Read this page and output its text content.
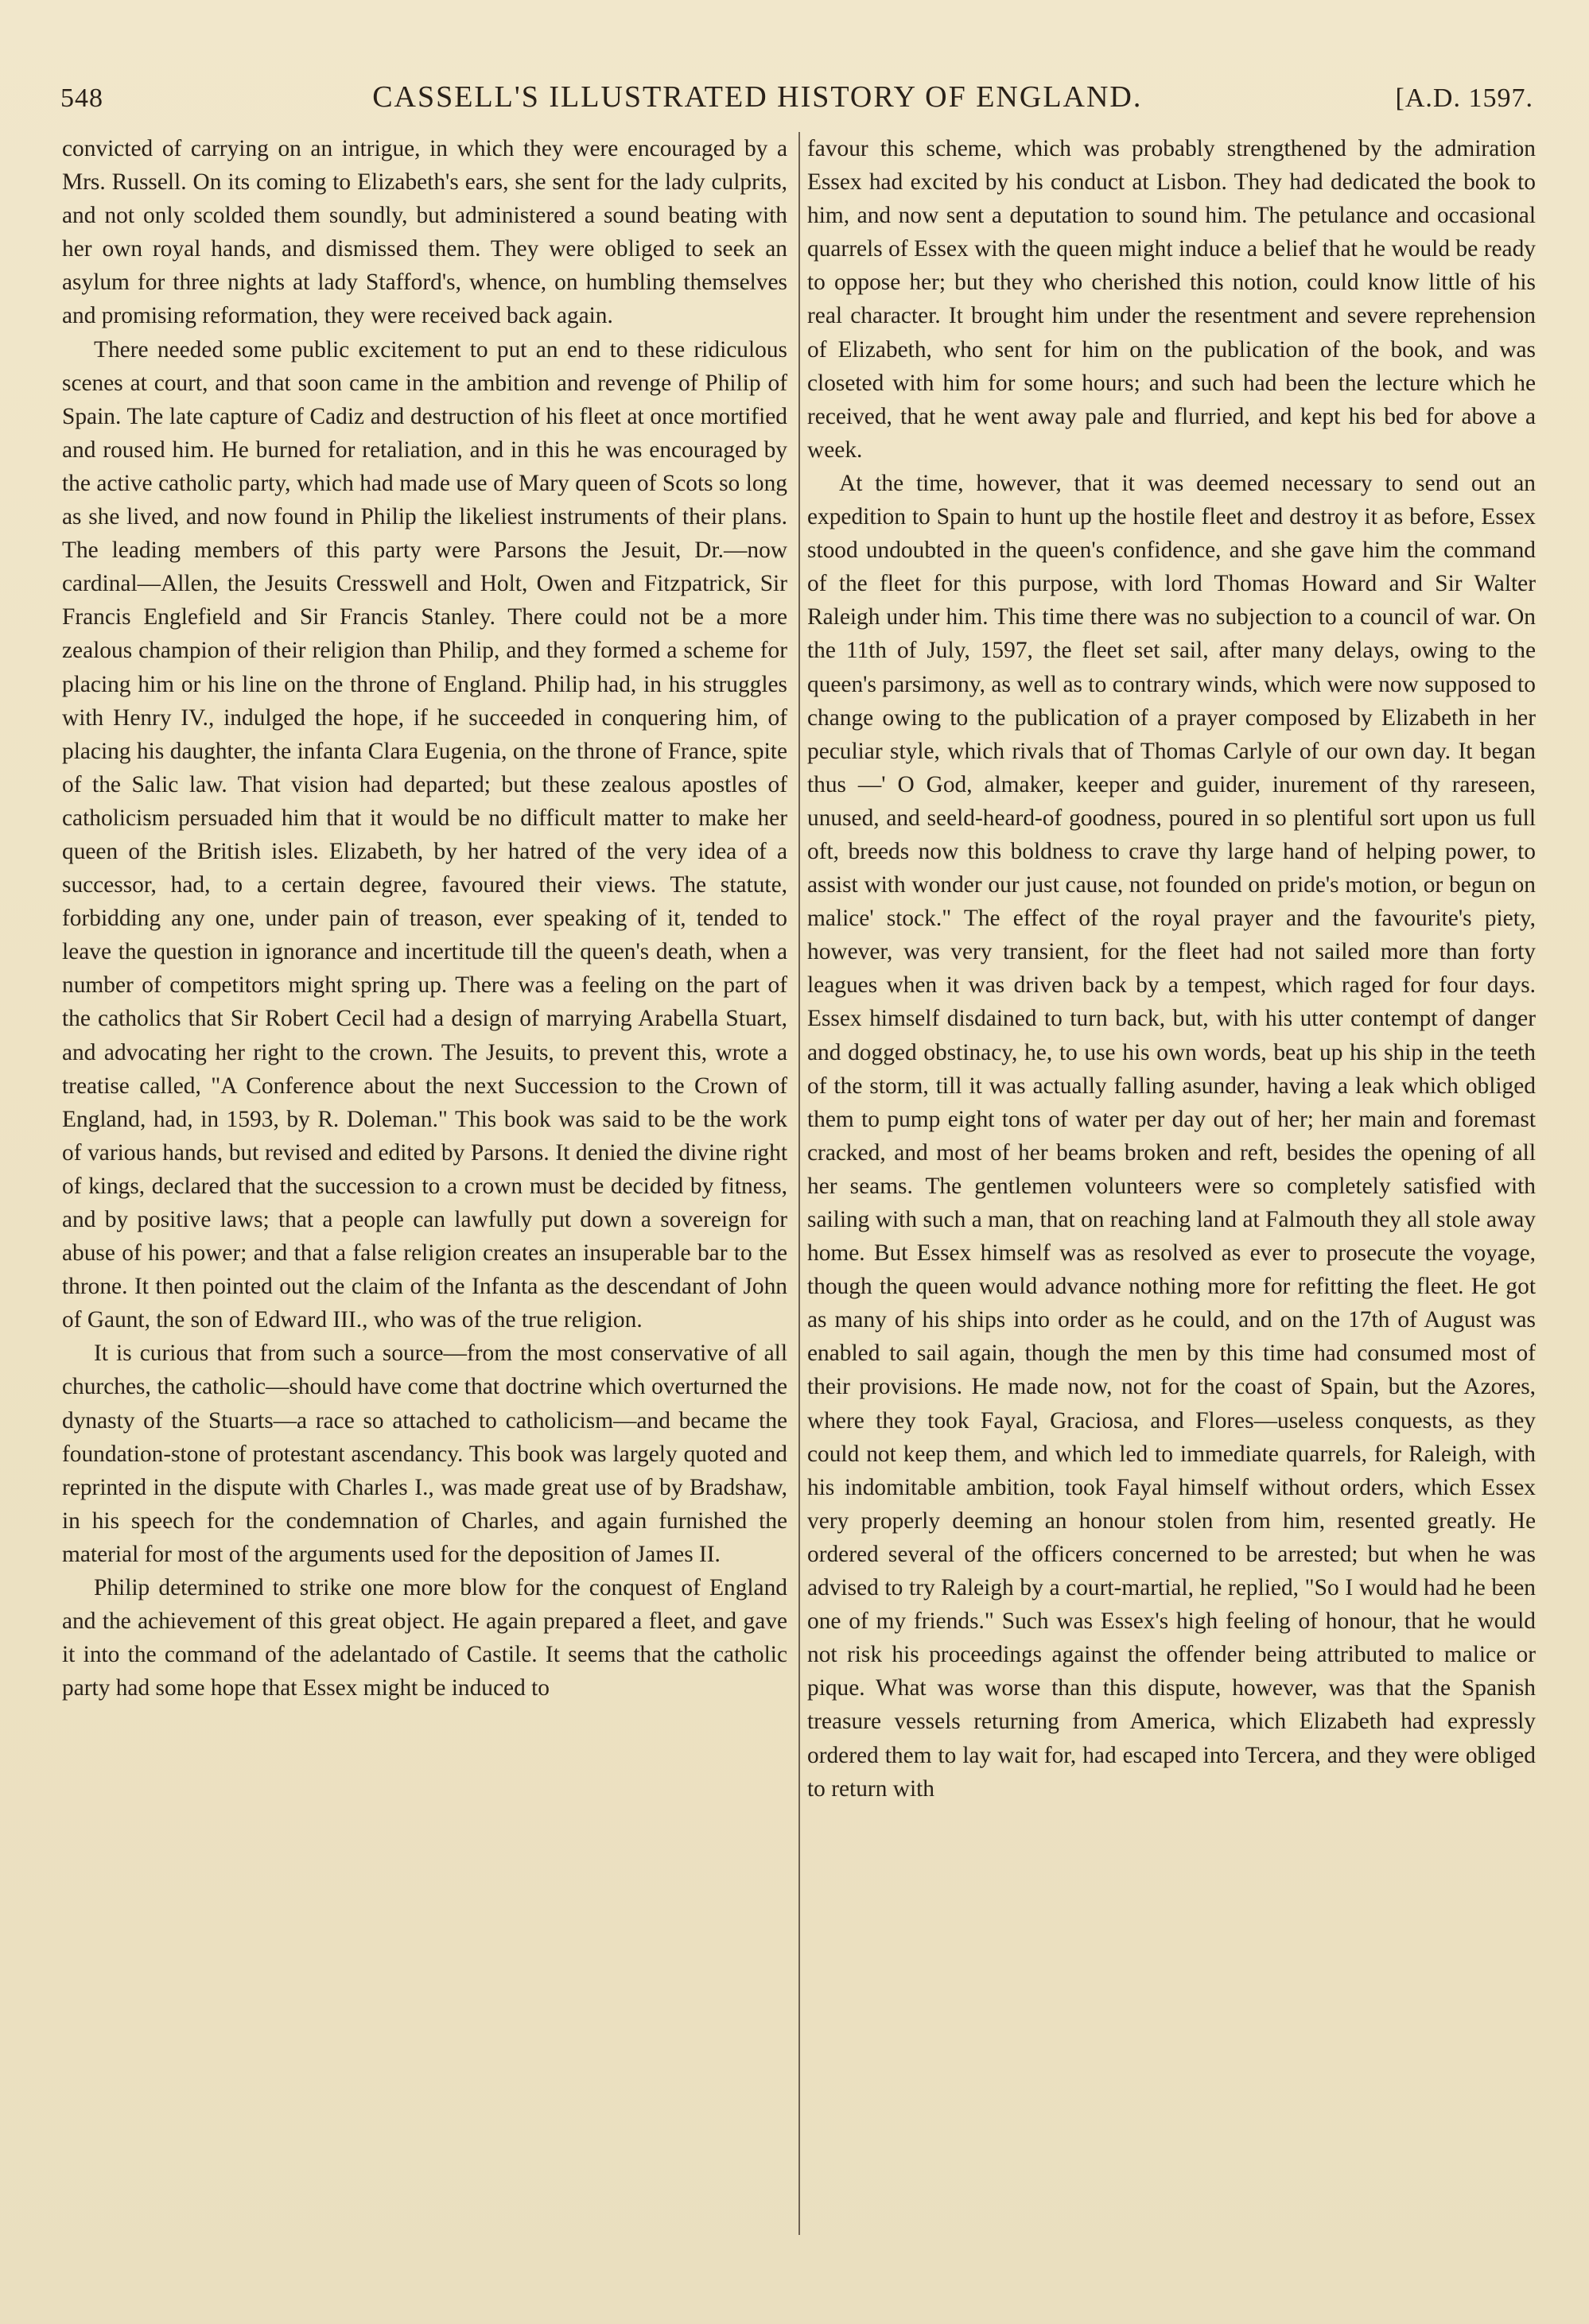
548	CASSELL'S ILLUSTRATED HISTORY OF ENGLAND.	[A.D. 1597.

convicted of carrying on an intrigue, in which they were encouraged by a Mrs. Russell. On its coming to Elizabeth's ears, she sent for the lady culprits, and not only scolded them soundly, but administered a sound beating with her own royal hands, and dismissed them. They were obliged to seek an asylum for three nights at lady Stafford's, whence, on humbling themselves and promising reformation, they were received back again.

There needed some public excitement to put an end to these ridiculous scenes at court, and that soon came in the ambition and revenge of Philip of Spain. The late capture of Cadiz and destruction of his fleet at once mortified and roused him. He burned for retaliation, and in this he was encouraged by the active catholic party, which had made use of Mary queen of Scots so long as she lived, and now found in Philip the likeliest instruments of their plans. The leading members of this party were Parsons the Jesuit, Dr.—now cardinal—Allen, the Jesuits Cresswell and Holt, Owen and Fitzpatrick, Sir Francis Englefield and Sir Francis Stanley. There could not be a more zealous champion of their religion than Philip, and they formed a scheme for placing him or his line on the throne of England. Philip had, in his struggles with Henry IV., indulged the hope, if he succeeded in conquering him, of placing his daughter, the infanta Clara Eugenia, on the throne of France, spite of the Salic law. That vision had departed; but these zealous apostles of catholicism persuaded him that it would be no difficult matter to make her queen of the British isles. Elizabeth, by her hatred of the very idea of a successor, had, to a certain degree, favoured their views. The statute, forbidding any one, under pain of treason, ever speaking of it, tended to leave the question in ignorance and incertitude till the queen's death, when a number of competitors might spring up. There was a feeling on the part of the catholics that Sir Robert Cecil had a design of marrying Arabella Stuart, and advocating her right to the crown. The Jesuits, to prevent this, wrote a treatise called, "A Conference about the next Succession to the Crown of England, had, in 1593, by R. Doleman." This book was said to be the work of various hands, but revised and edited by Parsons. It denied the divine right of kings, declared that the succession to a crown must be decided by fitness, and by positive laws; that a people can lawfully put down a sovereign for abuse of his power; and that a false religion creates an insuperable bar to the throne. It then pointed out the claim of the Infanta as the descendant of John of Gaunt, the son of Edward III., who was of the true religion.

It is curious that from such a source—from the most conservative of all churches, the catholic—should have come that doctrine which overturned the dynasty of the Stuarts—a race so attached to catholicism—and became the foundation-stone of protestant ascendancy. This book was largely quoted and reprinted in the dispute with Charles I., was made great use of by Bradshaw, in his speech for the condemnation of Charles, and again furnished the material for most of the arguments used for the deposition of James II.

Philip determined to strike one more blow for the conquest of England and the achievement of this great object. He again prepared a fleet, and gave it into the command of the adelantado of Castile. It seems that the catholic party had some hope that Essex might be induced to

favour this scheme, which was probably strengthened by the admiration Essex had excited by his conduct at Lisbon. They had dedicated the book to him, and now sent a deputation to sound him. The petulance and occasional quarrels of Essex with the queen might induce a belief that he would be ready to oppose her; but they who cherished this notion, could know little of his real character. It brought him under the resentment and severe reprehension of Elizabeth, who sent for him on the publication of the book, and was closeted with him for some hours; and such had been the lecture which he received, that he went away pale and flurried, and kept his bed for above a week.

At the time, however, that it was deemed necessary to send out an expedition to Spain to hunt up the hostile fleet and destroy it as before, Essex stood undoubted in the queen's confidence, and she gave him the command of the fleet for this purpose, with lord Thomas Howard and Sir Walter Raleigh under him. This time there was no subjection to a council of war. On the 11th of July, 1597, the fleet set sail, after many delays, owing to the queen's parsimony, as well as to contrary winds, which were now supposed to change owing to the publication of a prayer composed by Elizabeth in her peculiar style, which rivals that of Thomas Carlyle of our own day. It began thus —' O God, almaker, keeper and guider, inurement of thy rareseen, unused, and seeld-heard-of goodness, poured in so plentiful sort upon us full oft, breeds now this boldness to crave thy large hand of helping power, to assist with wonder our just cause, not founded on pride's motion, or begun on malice' stock." The effect of the royal prayer and the favourite's piety, however, was very transient, for the fleet had not sailed more than forty leagues when it was driven back by a tempest, which raged for four days. Essex himself disdained to turn back, but, with his utter contempt of danger and dogged obstinacy, he, to use his own words, beat up his ship in the teeth of the storm, till it was actually falling asunder, having a leak which obliged them to pump eight tons of water per day out of her; her main and foremast cracked, and most of her beams broken and reft, besides the opening of all her seams. The gentlemen volunteers were so completely satisfied with sailing with such a man, that on reaching land at Falmouth they all stole away home. But Essex himself was as resolved as ever to prosecute the voyage, though the queen would advance nothing more for refitting the fleet. He got as many of his ships into order as he could, and on the 17th of August was enabled to sail again, though the men by this time had consumed most of their provisions. He made now, not for the coast of Spain, but the Azores, where they took Fayal, Graciosa, and Flores—useless conquests, as they could not keep them, and which led to immediate quarrels, for Raleigh, with his indomitable ambition, took Fayal himself without orders, which Essex very properly deeming an honour stolen from him, resented greatly. He ordered several of the officers concerned to be arrested; but when he was advised to try Raleigh by a court-martial, he replied, "So I would had he been one of my friends." Such was Essex's high feeling of honour, that he would not risk his proceedings against the offender being attributed to malice or pique. What was worse than this dispute, however, was that the Spanish treasure vessels returning from America, which Elizabeth had expressly ordered them to lay wait for, had escaped into Tercera, and they were obliged to return with
